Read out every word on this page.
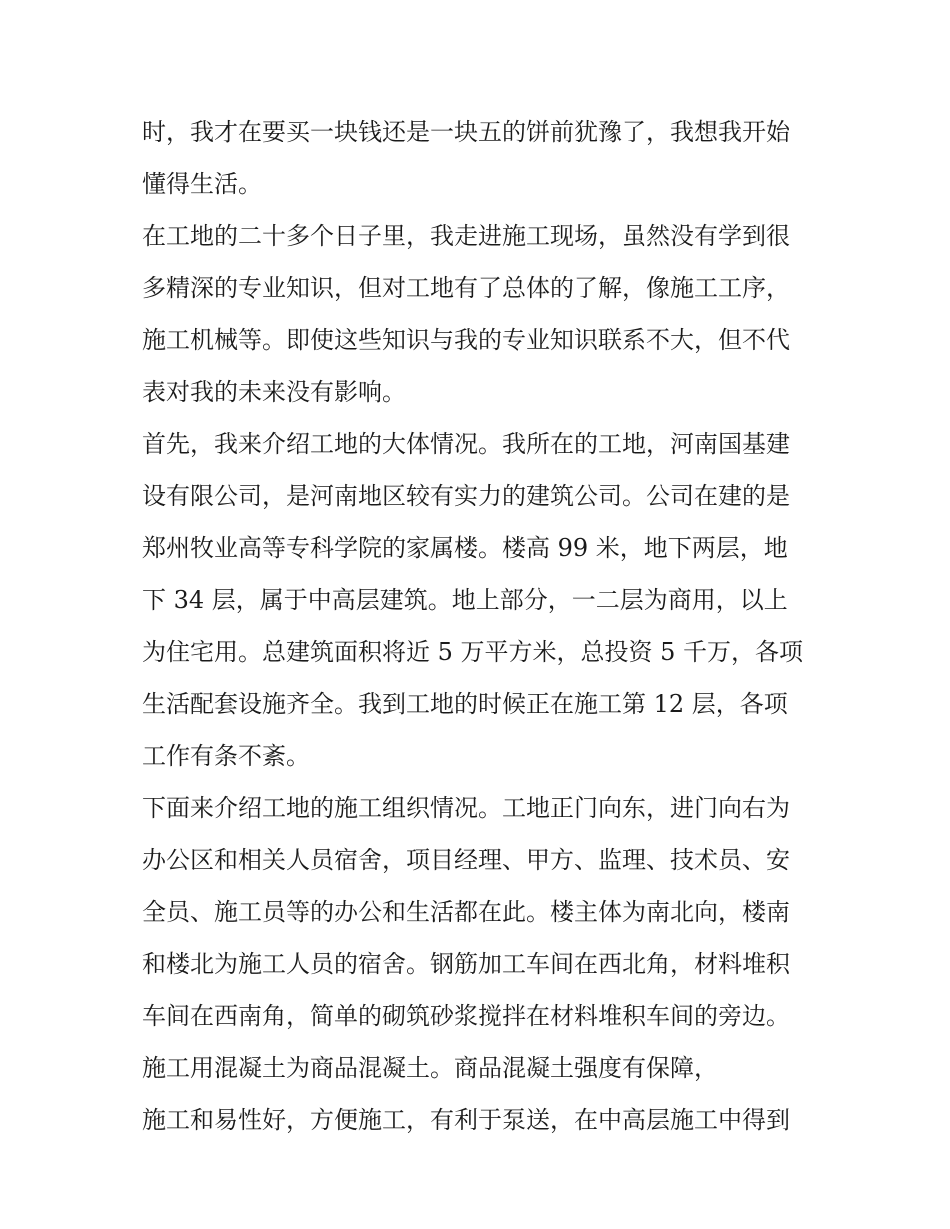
时，我才在要买一块钱还是一块五的饼前犹豫了，我想我开始
懂得生活。
在工地的二十多个日子里，我走进施工现场，虽然没有学到很
多精深的专业知识，但对工地有了总体的了解，像施工工序，
施工机械等。即使这些知识与我的专业知识联系不大，但不代
表对我的未来没有影响。
首先，我来介绍工地的大体情况。我所在的工地，河南国基建
设有限公司，是河南地区较有实力的建筑公司。公司在建的是
郑州牧业高等专科学院的家属楼。楼高 99 米，地下两层，地
下 34 层，属于中高层建筑。地上部分，一二层为商用，以上
为住宅用。总建筑面积将近 5 万平方米，总投资 5 千万，各项
生活配套设施齐全。我到工地的时候正在施工第 12 层，各项
工作有条不紊。
下面来介绍工地的施工组织情况。工地正门向东，进门向右为
办公区和相关人员宿舍，项目经理、甲方、监理、技术员、安
全员、施工员等的办公和生活都在此。楼主体为南北向，楼南
和楼北为施工人员的宿舍。钢筋加工车间在西北角，材料堆积
车间在西南角，简单的砌筑砂浆搅拌在材料堆积车间的旁边。
施工用混凝土为商品混凝土。商品混凝土强度有保障，
施工和易性好，方便施工，有利于泵送，在中高层施工中得到
